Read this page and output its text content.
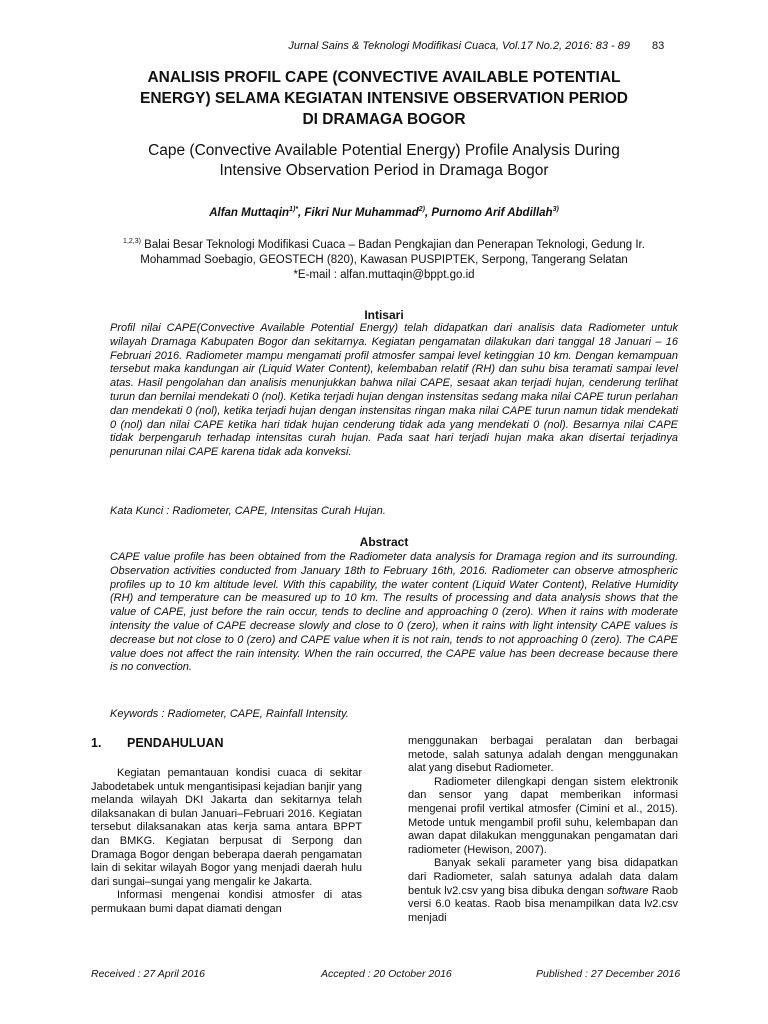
Jurnal Sains & Teknologi Modifikasi Cuaca, Vol.17 No.2, 2016: 83 - 89 83
ANALISIS PROFIL CAPE (CONVECTIVE AVAILABLE POTENTIAL
ENERGY) SELAMA KEGIATAN INTENSIVE OBSERVATION PERIOD
DI DRAMAGA BOGOR
Cape (Convective Available Potential Energy) Profile Analysis During
Intensive Observation Period in Dramaga Bogor
Alfan Muttaqin$^{1)*}$, Fikri Nur Muhammad$^{2)}$, Purnomo Arif Abdillah$^{3)}$
$^{1,2,3)}$ Balai Besar Teknologi Modifikasi Cuaca – Badan Pengkajian dan Penerapan Teknologi, Gedung Ir.
Mohammad Soebagio, GEOSTECH (820), Kawasan PUSPIPTEK, Serpong, Tangerang Selatan
*E-mail : alfan.muttaqin@bppt.go.id
Intisari
Profil nilai CAPE(Convective Available Potential Energy) telah didapatkan dari analisis data Radiometer untuk wilayah Dramaga Kabupaten Bogor dan sekitarnya. Kegiatan pengamatan dilakukan dari tanggal 18 Januari – 16 Februari 2016. Radiometer mampu mengamati profil atmosfer sampai level ketinggian 10 km. Dengan kemampuan tersebut maka kandungan air (Liquid Water Content), kelembaban relatif (RH) dan suhu bisa teramati sampai level atas. Hasil pengolahan dan analisis menunjukkan bahwa nilai CAPE, sesaat akan terjadi hujan, cenderung terlihat turun dan bernilai mendekati 0 (nol). Ketika terjadi hujan dengan instensitas sedang maka nilai CAPE turun perlahan dan mendekati 0 (nol), ketika terjadi hujan dengan instensitas ringan maka nilai CAPE turun namun tidak mendekati 0 (nol) dan nilai CAPE ketika hari tidak hujan cenderung tidak ada yang mendekati 0 (nol). Besarnya nilai CAPE tidak berpengaruh terhadap intensitas curah hujan. Pada saat hari terjadi hujan maka akan disertai terjadinya penurunan nilai CAPE karena tidak ada konveksi.
Kata Kunci : Radiometer, CAPE, Intensitas Curah Hujan.
Abstract
CAPE value profile has been obtained from the Radiometer data analysis for Dramaga region and its surrounding. Observation activities conducted from January 18th to February 16th, 2016. Radiometer can observe atmospheric profiles up to 10 km altitude level. With this capability, the water content (Liquid Water Content), Relative Humidity (RH) and temperature can be measured up to 10 km. The results of processing and data analysis shows that the value of CAPE, just before the rain occur, tends to decline and approaching 0 (zero). When it rains with moderate intensity the value of CAPE decrease slowly and close to 0 (zero), when it rains with light intensity CAPE values is decrease but not close to 0 (zero) and CAPE value when it is not rain, tends to not approaching 0 (zero). The CAPE value does not affect the rain intensity. When the rain occurred, the CAPE value has been decrease because there is no convection.
Keywords : Radiometer, CAPE, Rainfall Intensity.
1. PENDAHULUAN

Kegiatan pemantauan kondisi cuaca di sekitar Jabodetabek untuk mengantisipasi kejadian banjir yang melanda wilayah DKI Jakarta dan sekitarnya telah dilaksanakan di bulan Januari–Februari 2016. Kegiatan tersebut dilaksanakan atas kerja sama antara BPPT dan BMKG. Kegiatan berpusat di Serpong dan Dramaga Bogor dengan beberapa daerah pengamatan lain di sekitar wilayah Bogor yang menjadi daerah hulu dari sungai–sungai yang mengalir ke Jakarta.

Informasi mengenai kondisi atmosfer di atas permukaan bumi dapat diamati dengan

menggunakan berbagai peralatan dan berbagai metode, salah satunya adalah dengan menggunakan alat yang disebut Radiometer.

Radiometer dilengkapi dengan sistem elektronik dan sensor yang dapat memberikan informasi mengenai profil vertikal atmosfer (Cimini et al., 2015). Metode untuk mengambil profil suhu, kelembapan dan awan dapat dilakukan menggunakan pengamatan dari radiometer (Hewison, 2007).

Banyak sekali parameter yang bisa didapatkan dari Radiometer, salah satunya adalah data dalam bentuk lv2.csv yang bisa dibuka dengan software Raob versi 6.0 keatas. Raob bisa menampilkan data lv2.csv menjadi

Received : 27 April 2016	Accepted : 20 October 2016	Published : 27 December 2016
